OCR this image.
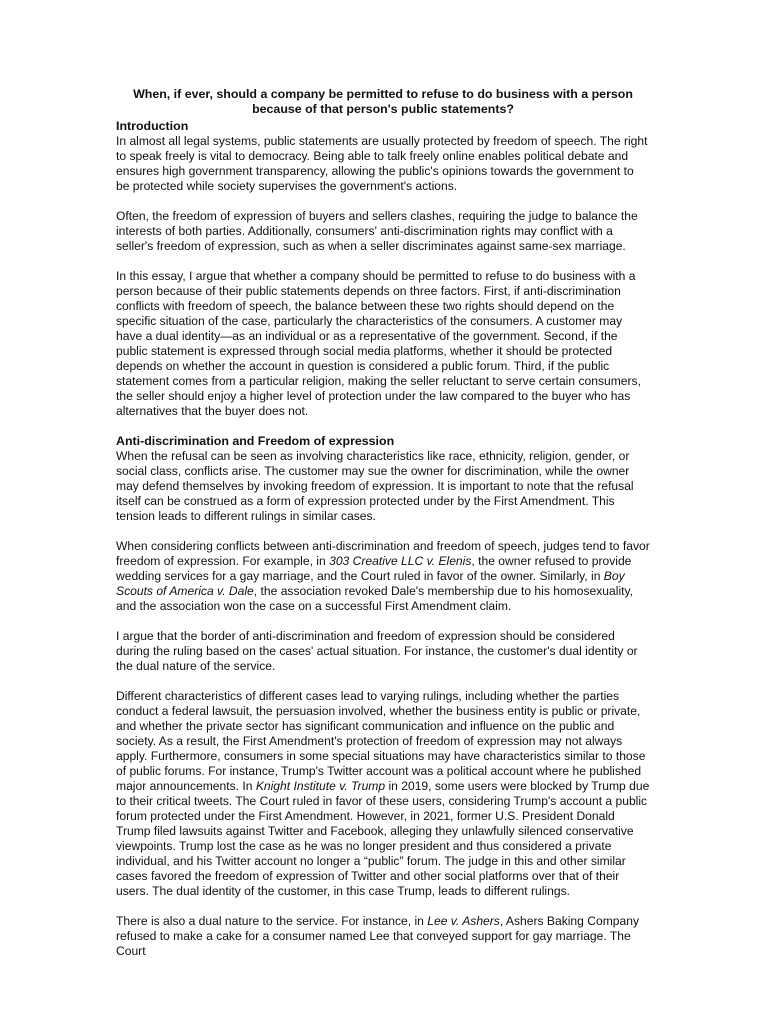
When, if ever, should a company be permitted to refuse to do business with a person
because of that person's public statements?
Introduction

In almost all legal systems, public statements are usually protected by freedom of speech. The right to speak freely is vital to democracy. Being able to talk freely online enables political debate and ensures high government transparency, allowing the public's opinions towards the government to be protected while society supervises the government's actions.

Often, the freedom of expression of buyers and sellers clashes, requiring the judge to balance the interests of both parties. Additionally, consumers' anti-discrimination rights may conflict with a seller's freedom of expression, such as when a seller discriminates against same-sex marriage.

In this essay, I argue that whether a company should be permitted to refuse to do business with a person because of their public statements depends on three factors. First, if anti-discrimination conflicts with freedom of speech, the balance between these two rights should depend on the specific situation of the case, particularly the characteristics of the consumers. A customer may have a dual identity—as an individual or as a representative of the government. Second, if the public statement is expressed through social media platforms, whether it should be protected depends on whether the account in question is considered a public forum. Third, if the public statement comes from a particular religion, making the seller reluctant to serve certain consumers, the seller should enjoy a higher level of protection under the law compared to the buyer who has alternatives that the buyer does not.

Anti-discrimination and Freedom of expression

When the refusal can be seen as involving characteristics like race, ethnicity, religion, gender, or social class, conflicts arise. The customer may sue the owner for discrimination, while the owner may defend themselves by invoking freedom of expression. It is important to note that the refusal itself can be construed as a form of expression protected under by the First Amendment. This tension leads to different rulings in similar cases.

When considering conflicts between anti-discrimination and freedom of speech, judges tend to favor freedom of expression. For example, in 303 Creative LLC v. Elenis, the owner refused to provide wedding services for a gay marriage, and the Court ruled in favor of the owner. Similarly, in Boy Scouts of America v. Dale, the association revoked Dale's membership due to his homosexuality, and the association won the case on a successful First Amendment claim.

I argue that the border of anti-discrimination and freedom of expression should be considered during the ruling based on the cases' actual situation. For instance, the customer's dual identity or the dual nature of the service.

Different characteristics of different cases lead to varying rulings, including whether the parties conduct a federal lawsuit, the persuasion involved, whether the business entity is public or private, and whether the private sector has significant communication and influence on the public and society. As a result, the First Amendment's protection of freedom of expression may not always apply. Furthermore, consumers in some special situations may have characteristics similar to those of public forums. For instance, Trump's Twitter account was a political account where he published major announcements. In Knight Institute v. Trump in 2019, some users were blocked by Trump due to their critical tweets. The Court ruled in favor of these users, considering Trump's account a public forum protected under the First Amendment. However, in 2021, former U.S. President Donald Trump filed lawsuits against Twitter and Facebook, alleging they unlawfully silenced conservative viewpoints. Trump lost the case as he was no longer president and thus considered a private individual, and his Twitter account no longer a “public” forum. The judge in this and other similar cases favored the freedom of expression of Twitter and other social platforms over that of their users. The dual identity of the customer, in this case Trump, leads to different rulings.

There is also a dual nature to the service. For instance, in Lee v. Ashers, Ashers Baking Company refused to make a cake for a consumer named Lee that conveyed support for gay marriage. The Court
